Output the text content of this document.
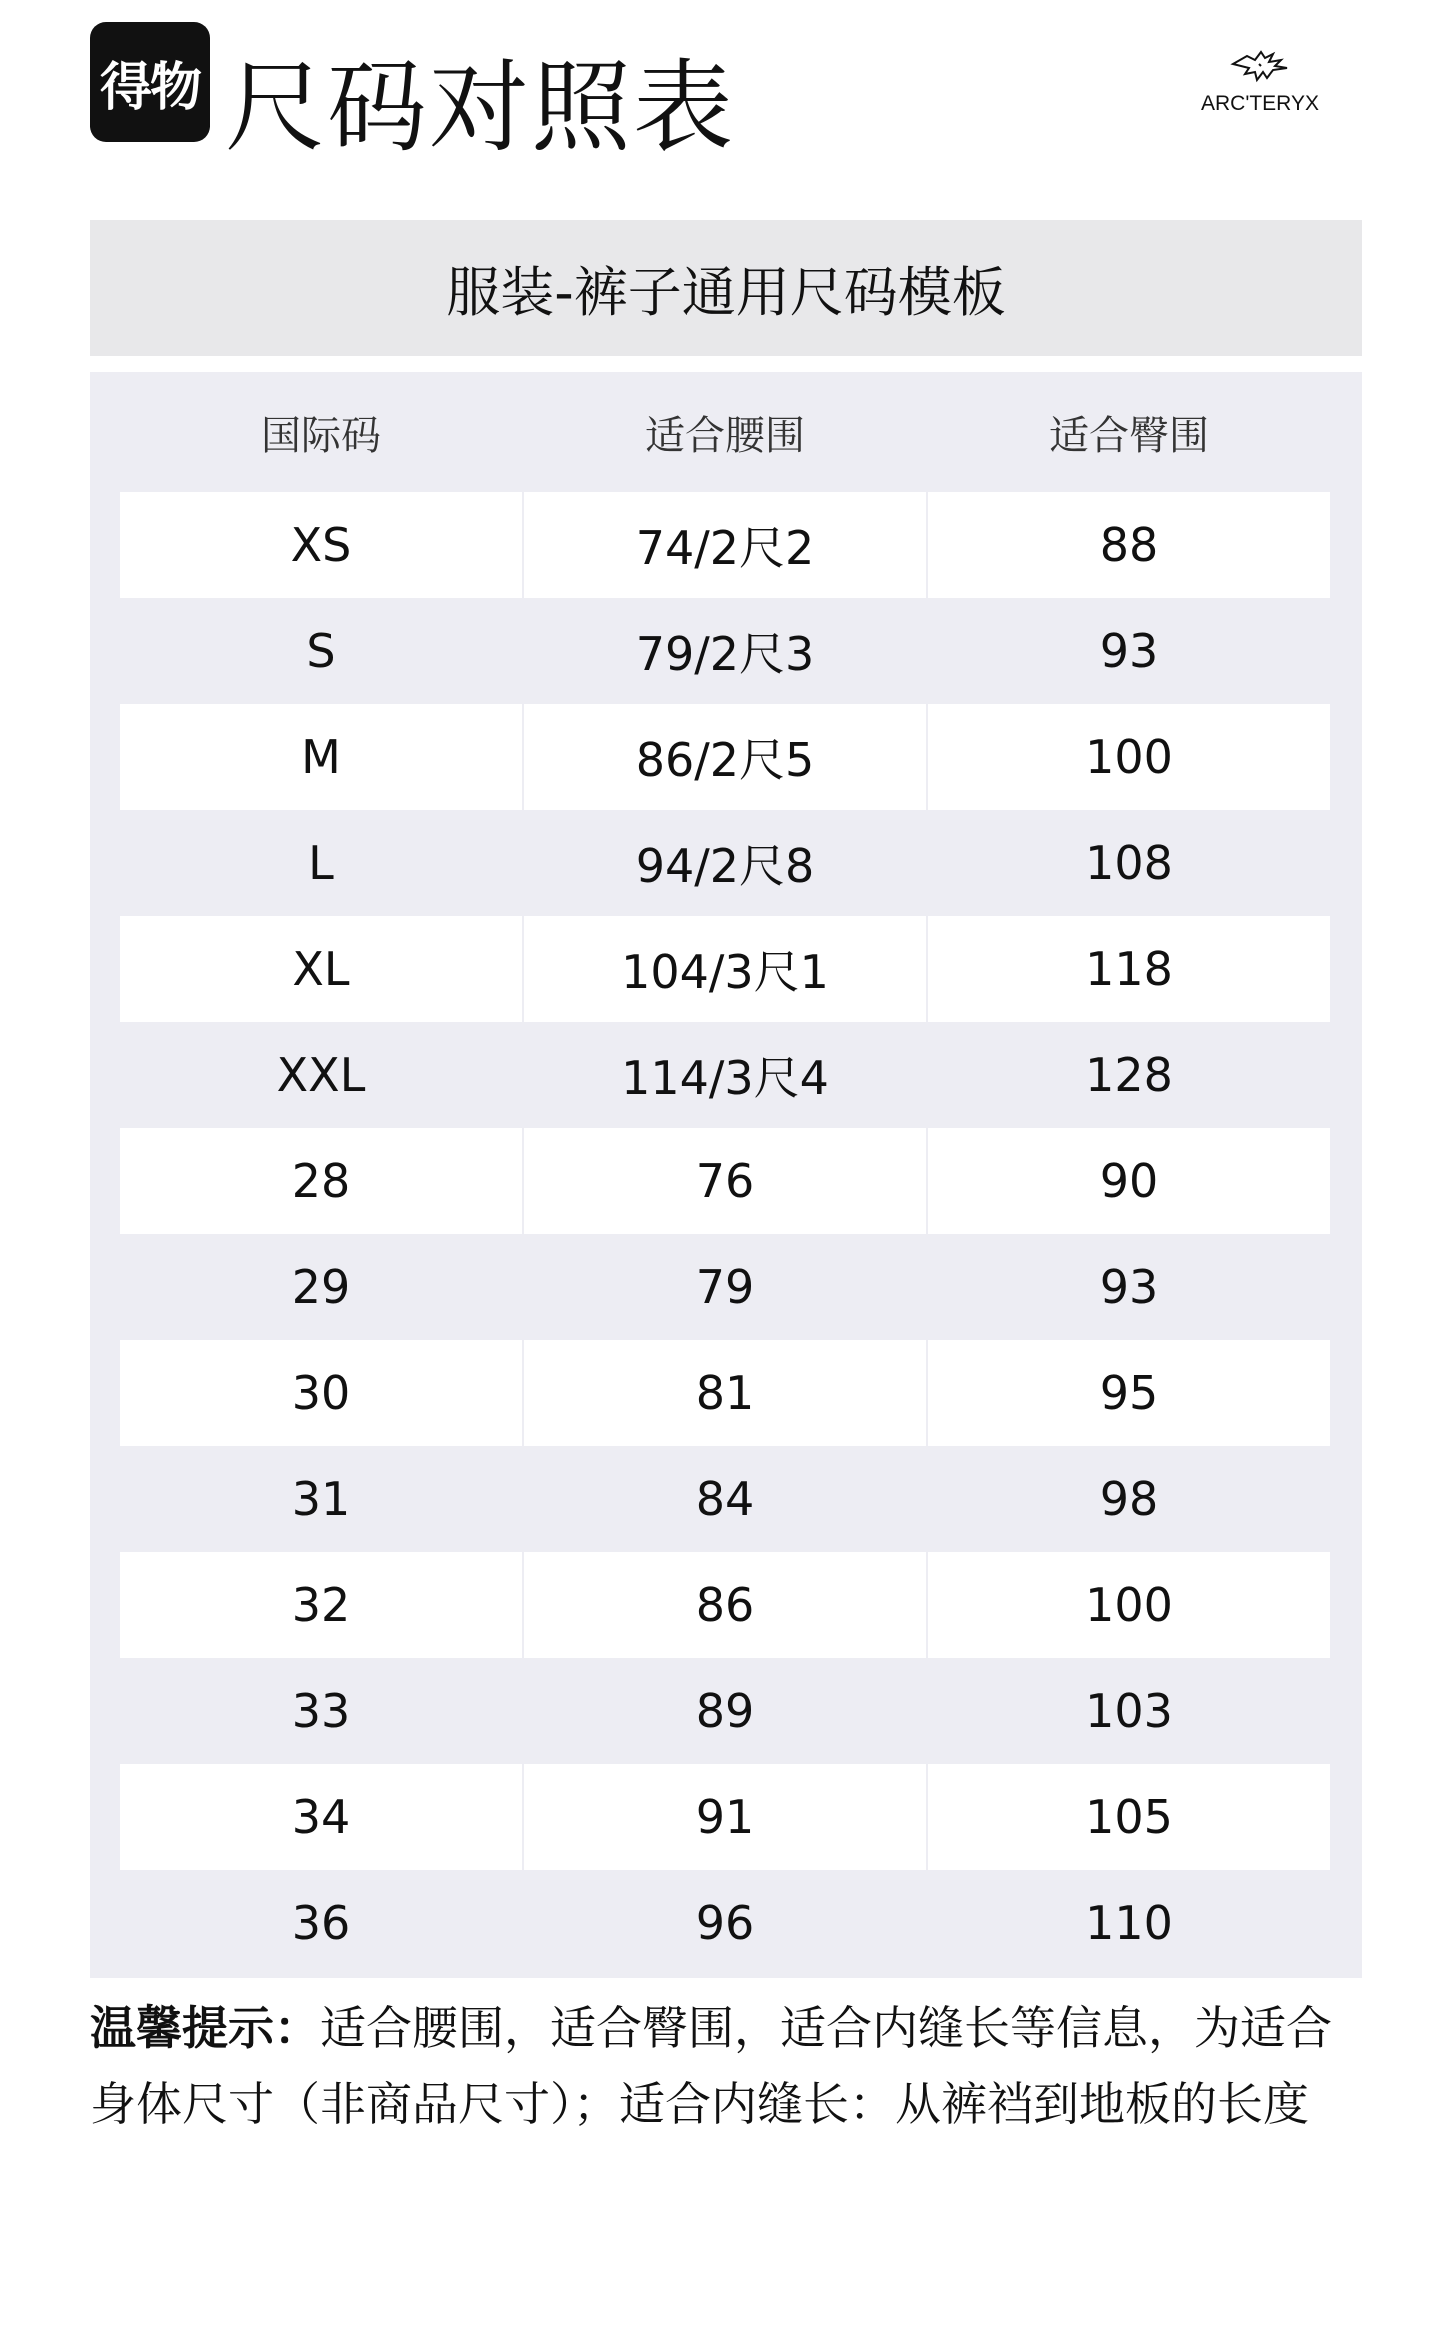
得物 尺码对照表	ARC'TERYX
服装-裤子通用尺码模板
国际码	适合腰围	适合臀围
XS	74/2尺2	88
S	79/2尺3	93
M	86/2尺5	100
L	94/2尺8	108
XL	104/3尺1	118
XXL	114/3尺4	128
28	76	90
29	79	93
30	81	95
31	84	98
32	86	100
33	89	103
34	91	105
36	96	110
温馨提示：适合腰围，适合臀围，适合内缝长等信息，为适合身体尺寸（非商品尺寸）；适合内缝长：从裤裆到地板的长度
